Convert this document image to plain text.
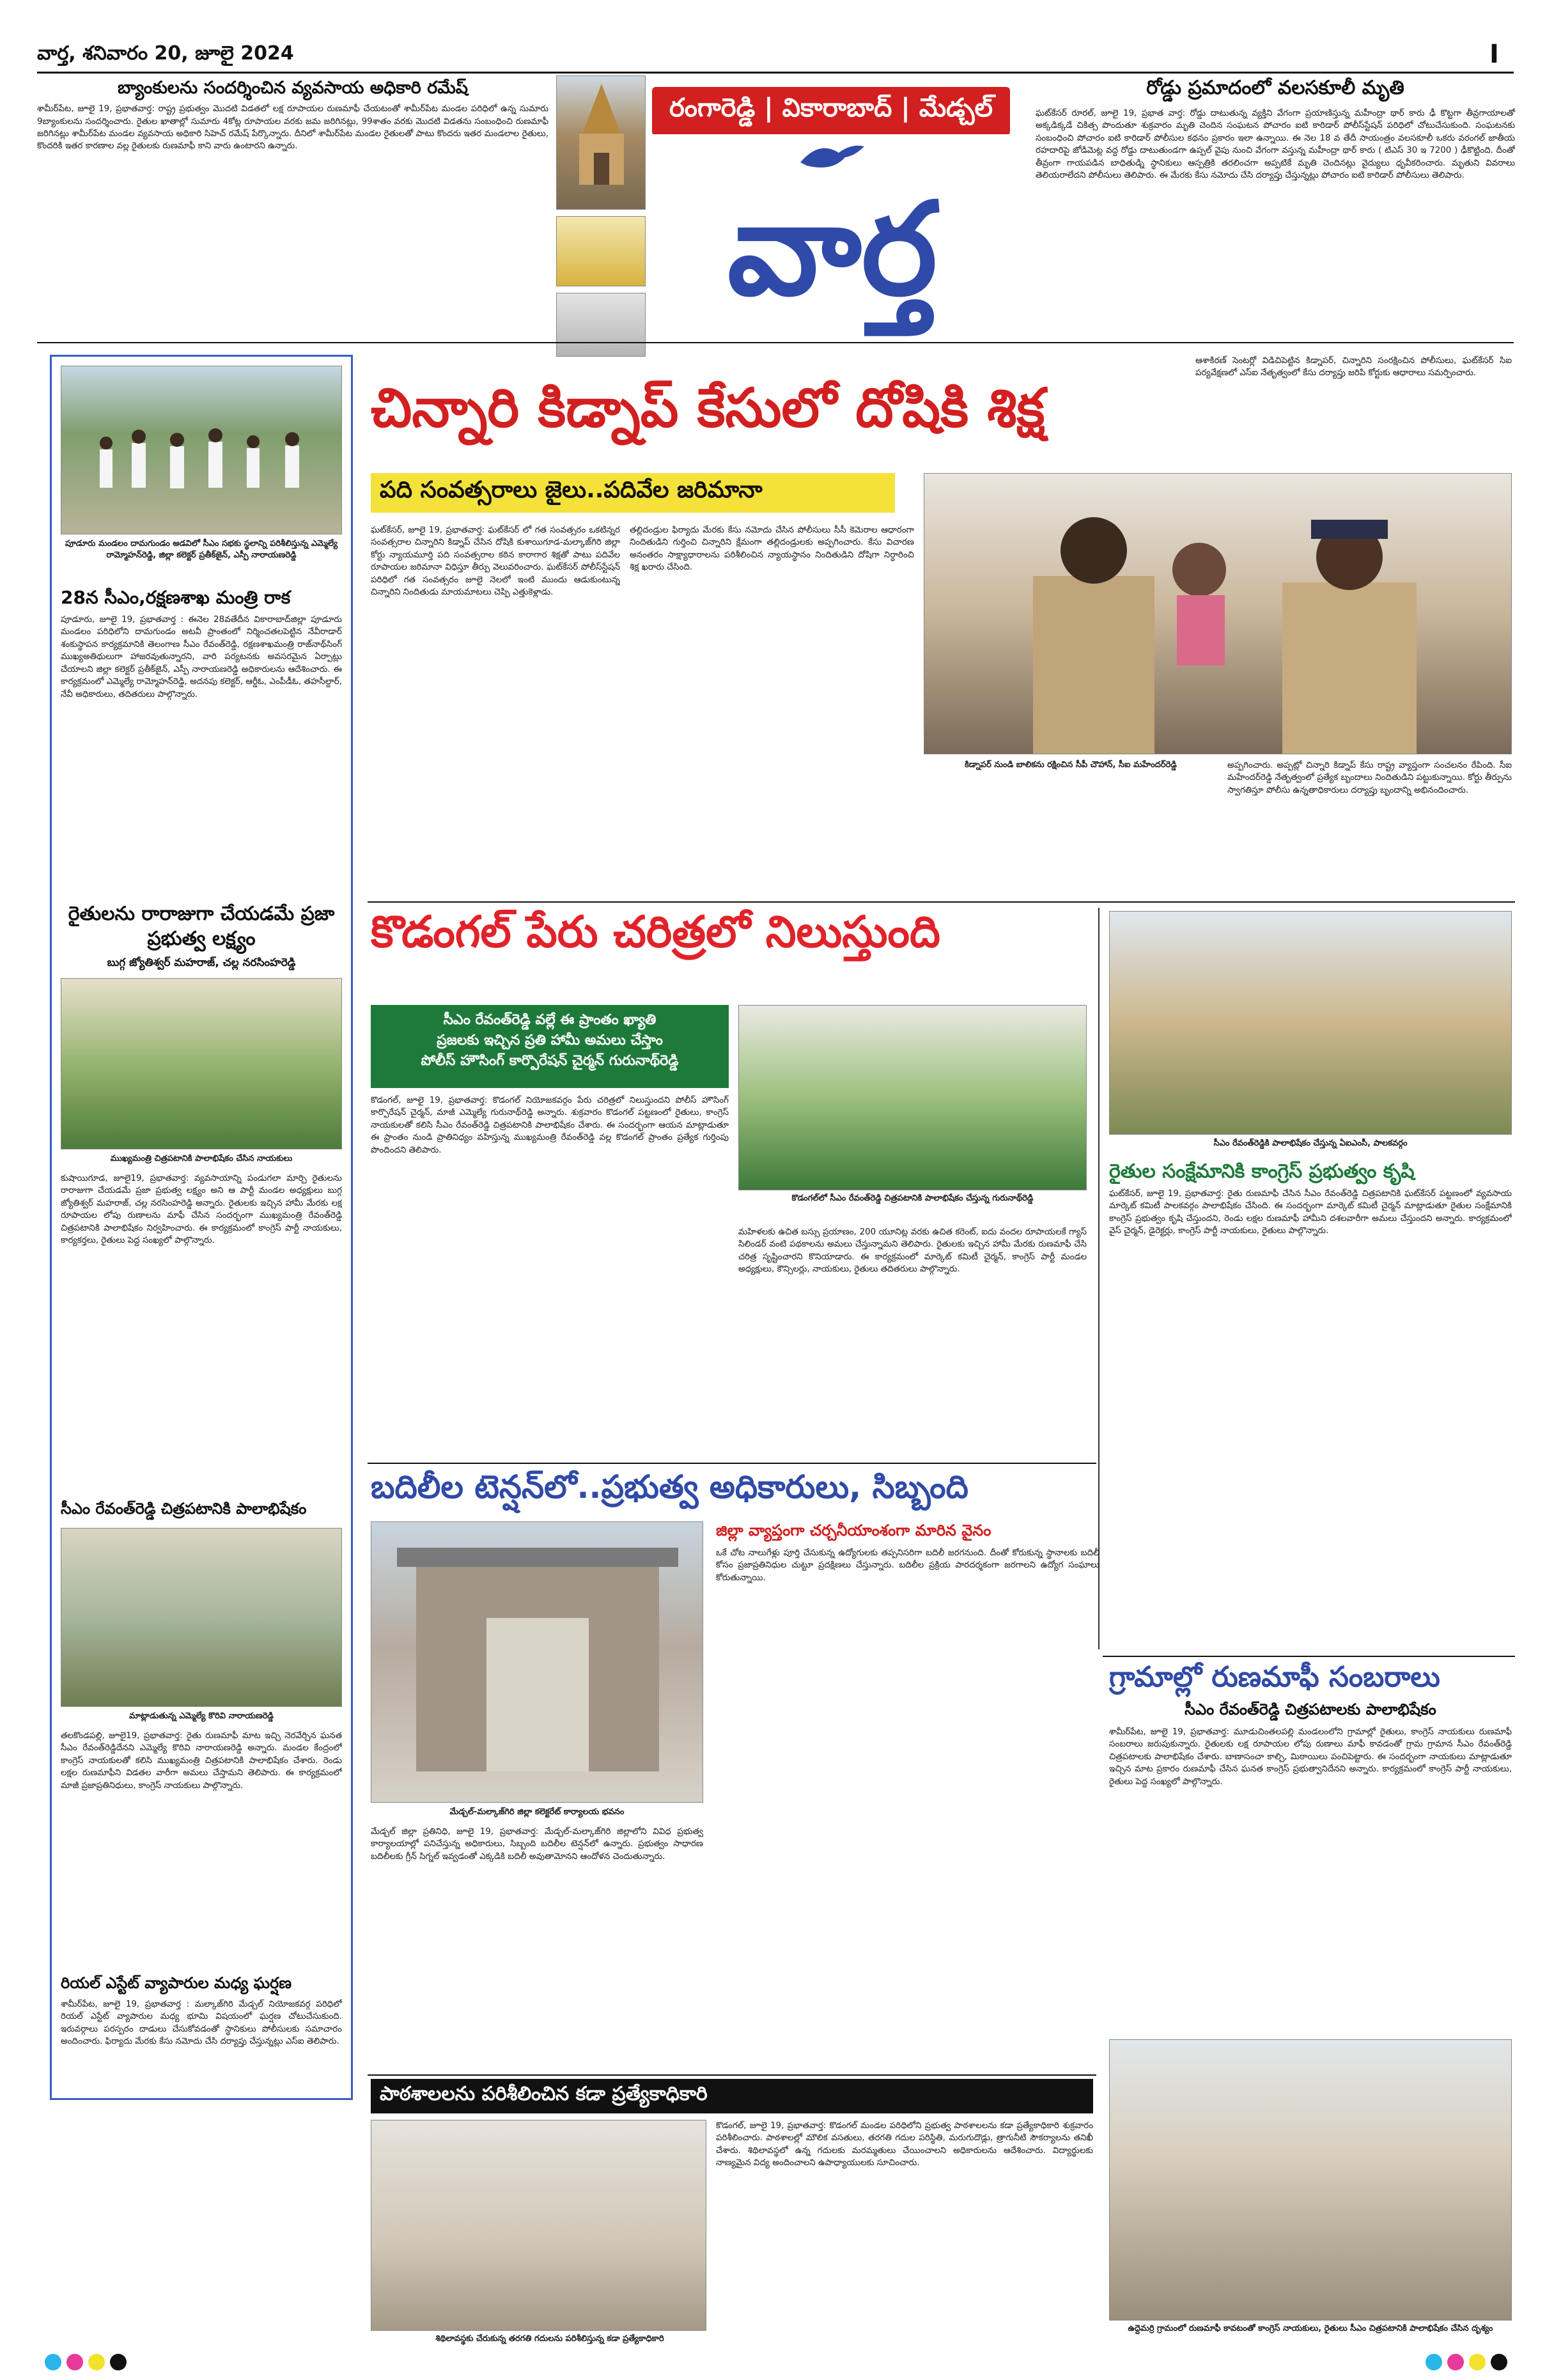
వార్త, శనివారం 20, జూలై 2024	I
బ్యాంకులను సందర్శించిన వ్యవసాయ అధికారి రమేష్
శామీర్‌పేట, జూలై 19, ప్రభాతవార్త: రాష్ట్ర ప్రభుత్వం మొదటి విడతలో లక్ష రూపాయల రుణమాఫీ చేయటంతో శామీర్‌పేట మండల పరిధిలో ఉన్న సుమారు 9బ్యాంకులను సందర్శించారు. రైతుల ఖాతాల్లో సుమారు 4కోట్ల రూపాయల వరకు జమ జరిగినట్లు, 99శాతం వరకు మొదటి విడతను సంబంధించి రుణమాఫీ జరిగినట్లు శామీర్‌పేట మండల వ్యవసాయ అధికారి సిహెచ్ రమేష్ పేర్కొన్నారు. దీనిలో శామీర్‌పేట మండల రైతులతో పాటు కొందరు ఇతర మండలాల రైతులు, కొందరికి ఇతర కారణాల వల్ల రైతులకు రుణమాఫీ కాని వారు ఉంటారని ఉన్నారు.
రంగారెడ్డి | వికారాబాద్ | మేడ్చల్
వార్త
రోడ్డు ప్రమాదంలో వలసకూలీ మృతి
ఘట్‌కేసర్ రూరల్, జూలై 19, ప్రభాత వార్త: రోడ్డు దాటుతున్న వ్యక్తిని వేగంగా ప్రయాణిస్తున్న మహీంద్రా థార్ కారు ఢీ కొట్టగా తీవ్రగాయాలతో అక్కడిక్కడే చికిత్స పొందుతూ శుక్రవారం మృతి చెందిన సంఘటన పోచారం ఐటి కారిడార్ పోలీస్‌స్టేషన్ పరిధిలో చోటుచేసుకుంది. సంఘటనకు సంబంధించి పోచారం ఐటి కారిడార్ పోలీసుల కథనం ప్రకారం ఇలా ఉన్నాయి. ఈ నెల 18 వ తేదీ సాయంత్రం వలసకూలీ ఒకరు వరంగల్ జాతీయ రహదారిపై జోడిమెట్ల వద్ద రోడ్డు దాటుతుండగా ఉప్పల్ వైపు నుంచి వేగంగా వస్తున్న మహీంద్రా థార్ కారు ( టిఎస్ 30 ఇ 7200 ) ఢీకొట్టింది. దీంతో తీవ్రంగా గాయపడిన బాధితుడ్ని స్థానికులు ఆస్పత్రికి తరలించగా అప్పటికే మృతి చెందినట్లు వైద్యులు ధృవీకరించారు. మృతుని వివరాలు తెలియరాలేదని పోలీసులు తెలిపారు. ఈ మేరకు కేసు నమోదు చేసి దర్యాప్తు చేస్తున్నట్లు పోచారం ఐటి కారిడార్ పోలీసులు తెలిపారు.
పూడూరు మండలం దామగుండం అడవిలో సీఎం సభకు స్థలాన్ని పరిశీలిస్తున్న ఎమ్మెల్యే రామ్మోహన్‌రెడ్డి, జిల్లా కలెక్టర్ ప్రతీక్‌జైన్, ఎస్పీ నారాయణరెడ్డి
28న సీఎం,రక్షణశాఖ మంత్రి రాక
పూడూరు, జూలై 19, ప్రభాతవార్త : ఈనెల 28వతేదీన వికారాబాద్‌జిల్లా పూడూరు మండలం పరిధిలోని దామగుండం అటవీ ప్రాంతంలో నిర్మించతలపెట్టిన నేవీరాడార్ శంకుస్థాపన కార్యక్రమానికి తెలంగాణ సీఎం రేవంత్‌రెడ్డి, రక్షణశాఖమంత్రి రాజ్‌నాథ్‌సింగ్ ముఖ్యఅతిథులుగా హాజరవుతున్నారని, వారి పర్యటనకు అవసరమైన ఏర్పాట్లు చేయాలని జిల్లా కలెక్టర్ ప్రతీక్‌జైన్, ఎస్పీ నారాయణరెడ్డి అధికారులను ఆదేశించారు. ఈ కార్యక్రమంలో ఎమ్మెల్యే రామ్మోహన్‌రెడ్డి, అదనపు కలెక్టర్, ఆర్డీఓ, ఎంపీడీఓ, తహసీల్దార్, నేవీ అధికారులు, తదితరులు పాల్గొన్నారు.
రైతులను రారాజుగా చేయడమే ప్రజా ప్రభుత్వ లక్ష్యం
బుగ్గ జ్యోతిశ్వర్ మహరాజ్, చల్ల నరసింహరెడ్డి
ముఖ్యమంత్రి చిత్రపటానికి పాలాభిషేకం చేసిన నాయకులు
కుషాయిగూడ, జూలై19, ప్రభాతవార్త: వ్యవసాయాన్ని పండుగలా మార్చి రైతులను రారాజుగా చేయడమే ప్రజా ప్రభుత్వ లక్ష్యం అని ఆ పార్టీ మండల అధ్యక్షులు బుగ్గ జ్యోతిశ్వర్ మహరాజ్, చల్ల నరసింహరెడ్డి అన్నారు. రైతులకు ఇచ్చిన హామీ మేరకు లక్ష రూపాయల లోపు రుణాలను మాఫీ చేసిన సందర్భంగా ముఖ్యమంత్రి రేవంత్‌రెడ్డి చిత్రపటానికి పాలాభిషేకం నిర్వహించారు. ఈ కార్యక్రమంలో కాంగ్రెస్ పార్టీ నాయకులు, కార్యకర్తలు, రైతులు పెద్ద సంఖ్యలో పాల్గొన్నారు.
సీఎం రేవంత్‌రెడ్డి చిత్రపటానికి పాలాభిషేకం
మాట్లాడుతున్న ఎమ్మెల్యే కొరివి నారాయణరెడ్డి
తలకొండపల్లి, జూలై19, ప్రభాతవార్త: రైతు రుణమాఫీ మాట ఇచ్చి నెరవేర్చిన ఘనత సీఎం రేవంత్‌రెడ్డిదేనని ఎమ్మెల్యే కొరివి నారాయణరెడ్డి అన్నారు. మండల కేంద్రంలో కాంగ్రెస్ నాయకులతో కలిసి ముఖ్యమంత్రి చిత్రపటానికి పాలాభిషేకం చేశారు. రెండు లక్షల రుణమాఫీని విడతల వారీగా అమలు చేస్తామని తెలిపారు. ఈ కార్యక్రమంలో మాజీ ప్రజాప్రతినిధులు, కాంగ్రెస్ నాయకులు పాల్గొన్నారు.
రియల్ ఎస్టేట్ వ్యాపారుల మధ్య ఘర్షణ
శామీర్‌పేట, జూలై 19, ప్రభాతవార్త : మల్కాజ్‌గిరి మేడ్చల్ నియోజకవర్గ పరిధిలో రియల్ ఎస్టేట్ వ్యాపారుల మధ్య భూమి విషయంలో ఘర్షణ చోటుచేసుకుంది. ఇరువర్గాలు పరస్పరం దాడులు చేసుకోవడంతో స్థానికులు పోలీసులకు సమాచారం అందించారు. ఫిర్యాదు మేరకు కేసు నమోదు చేసి దర్యాప్తు చేస్తున్నట్లు ఎస్ఐ తెలిపారు.
చిన్నారి కిడ్నాప్ కేసులో దోషికి శిక్ష
ఆశాకిరణ్ సెంటర్లో విడిచిపెట్టిన కిడ్నాపర్, చిన్నారిని సంరక్షించిన పోలీసులు, ఘట్‌కేసర్ సిఐ పర్యవేక్షణలో ఎస్ఐ నేతృత్వంలో కేసు దర్యాప్తు జరిపి కోర్టుకు ఆధారాలు సమర్పించారు.
పది సంవత్సరాలు జైలు..పదివేల జరిమానా
ఘట్‌కేసర్, జూలై 19, ప్రభాతవార్త: ఘట్‌కేసర్ లో గత సంవత్సరం ఒకటిన్నర సంవత్సరాల చిన్నారిని కిడ్నాప్ చేసిన దోషికి కుశాయిగూడ-మల్కాజ్‌గిరి జిల్లా కోర్టు న్యాయమూర్తి పది సంవత్సరాల కఠిన కారాగార శిక్షతో పాటు పదివేల రూపాయల జరిమానా విధిస్తూ తీర్పు వెలువరించారు. ఘట్‌కేసర్ పోలీస్‌స్టేషన్ పరిధిలో గత సంవత్సరం జూలై నెలలో ఇంటి ముందు ఆడుకుంటున్న చిన్నారిని నిందితుడు మాయమాటలు చెప్పి ఎత్తుకెళ్లాడు.
తల్లిదండ్రుల ఫిర్యాదు మేరకు కేసు నమోదు చేసిన పోలీసులు సీసీ కెమెరాల ఆధారంగా నిందితుడిని గుర్తించి చిన్నారిని క్షేమంగా తల్లిదండ్రులకు అప్పగించారు. కేసు విచారణ అనంతరం సాక్ష్యాధారాలను పరిశీలించిన న్యాయస్థానం నిందితుడిని దోషిగా నిర్ధారించి శిక్ష ఖరారు చేసింది.
కిడ్నాపర్ నుండి బాలికను రక్షించిన సీపీ చౌహాన్, సీఐ మహేందర్‌రెడ్డి	అప్పగించారు. అప్పట్లో చిన్నారి కిడ్నాప్ కేసు రాష్ట్ర వ్యాప్తంగా సంచలనం రేపింది. సీఐ మహేందర్‌రెడ్డి నేతృత్వంలో ప్రత్యేక బృందాలు నిందితుడిని పట్టుకున్నాయి. కోర్టు తీర్పును స్వాగతిస్తూ పోలీసు ఉన్నతాధికారులు దర్యాప్తు బృందాన్ని అభినందించారు.
కొడంగల్ పేరు చరిత్రలో నిలుస్తుంది
సీఎం రేవంత్‌రెడ్డి వల్లే ఈ ప్రాంతం ఖ్యాతి
ప్రజలకు ఇచ్చిన ప్రతి హామీ అమలు చేస్తాం
పోలీస్ హౌసింగ్ కార్పొరేషన్ చైర్మన్ గురునాథ్‌రెడ్డి
కొడంగల్, జూలై 19, ప్రభాతవార్త: కొడంగల్ నియోజకవర్గం పేరు చరిత్రలో నిలుస్తుందని పోలీస్ హౌసింగ్ కార్పొరేషన్ చైర్మన్, మాజీ ఎమ్మెల్యే గురునాథ్‌రెడ్డి అన్నారు. శుక్రవారం కొడంగల్ పట్టణంలో రైతులు, కాంగ్రెస్ నాయకులతో కలిసి సీఎం రేవంత్‌రెడ్డి చిత్రపటానికి పాలాభిషేకం చేశారు. ఈ సందర్భంగా ఆయన మాట్లాడుతూ ఈ ప్రాంతం నుండి ప్రాతినిధ్యం వహిస్తున్న ముఖ్యమంత్రి రేవంత్‌రెడ్డి వల్ల కొడంగల్ ప్రాంతం ప్రత్యేక గుర్తింపు పొందిందని తెలిపారు.
కొడంగల్‌లో సీఎం రేవంత్‌రెడ్డి చిత్రపటానికి పాలాభిషేకం చేస్తున్న గురునాథ్‌రెడ్డి
మహిళలకు ఉచిత బస్సు ప్రయాణం, 200 యూనిట్ల వరకు ఉచిత కరెంట్, ఐదు వందల రూపాయలకే గ్యాస్ సిలిండర్ వంటి పథకాలను అమలు చేస్తున్నామని తెలిపారు. రైతులకు ఇచ్చిన హామీ మేరకు రుణమాఫీ చేసి చరిత్ర సృష్టించారని కొనియాడారు. ఈ కార్యక్రమంలో మార్కెట్ కమిటీ చైర్మన్, కాంగ్రెస్ పార్టీ మండల అధ్యక్షులు, కౌన్సిలర్లు, నాయకులు, రైతులు తదితరులు పాల్గొన్నారు.
సీఎం రేవంత్‌రెడ్డికి పాలాభిషేకం చేస్తున్న ఏఐఎంసీ, పాలకవర్గం
రైతుల సంక్షేమానికి కాంగ్రెస్ ప్రభుత్వం కృషి
ఘట్‌కేసర్, జూలై 19, ప్రభాతవార్త: రైతు రుణమాఫీ చేసిన సీఎం రేవంత్‌రెడ్డి చిత్రపటానికి ఘట్‌కేసర్ పట్టణంలో వ్యవసాయ మార్కెట్ కమిటీ పాలకవర్గం పాలాభిషేకం చేసింది. ఈ సందర్భంగా మార్కెట్ కమిటీ చైర్మన్ మాట్లాడుతూ రైతుల సంక్షేమానికి కాంగ్రెస్ ప్రభుత్వం కృషి చేస్తుందని, రెండు లక్షల రుణమాఫీ హామీని దశలవారీగా అమలు చేస్తుందని అన్నారు. కార్యక్రమంలో వైస్ చైర్మన్, డైరెక్టర్లు, కాంగ్రెస్ పార్టీ నాయకులు, రైతులు పాల్గొన్నారు.
బదిలీల టెన్షన్‌లో..ప్రభుత్వ అధికారులు, సిబ్బంది
మేడ్చల్-మల్కాజ్‌గిరి జిల్లా కలెక్టరేట్ కార్యాలయ భవనం
మేడ్చల్ జిల్లా ప్రతినిధి, జూలై 19, ప్రభాతవార్త: మేడ్చల్-మల్కాజ్‌గిరి జిల్లాలోని వివిధ ప్రభుత్వ కార్యాలయాల్లో పనిచేస్తున్న అధికారులు, సిబ్బంది బదిలీల టెన్షన్‌లో ఉన్నారు. ప్రభుత్వం సాధారణ బదిలీలకు గ్రీన్ సిగ్నల్ ఇవ్వడంతో ఎక్కడికి బదిలీ అవుతామోనని ఆందోళన చెందుతున్నారు.
జిల్లా వ్యాప్తంగా చర్చనీయాంశంగా మారిన వైనం
ఒకే చోట నాలుగేళ్లు పూర్తి చేసుకున్న ఉద్యోగులకు తప్పనిసరిగా బదిలీ జరగనుంది. దీంతో కోరుకున్న స్థానాలకు బదిలీ కోసం ప్రజాప్రతినిధుల చుట్టూ ప్రదక్షిణలు చేస్తున్నారు. బదిలీల ప్రక్రియ పారదర్శకంగా జరగాలని ఉద్యోగ సంఘాలు కోరుతున్నాయి.
గ్రామాల్లో రుణమాఫీ సంబరాలు
సీఎం రేవంత్‌రెడ్డి చిత్రపటాలకు పాలాభిషేకం
శామీర్‌పేట, జూలై 19, ప్రభాతవార్త: మూడుచింతలపల్లి మండలంలోని గ్రామాల్లో రైతులు, కాంగ్రెస్ నాయకులు రుణమాఫీ సంబరాలు జరుపుకున్నారు. రైతులకు లక్ష రూపాయల లోపు రుణాలు మాఫీ కావడంతో గ్రామ గ్రామాన సీఎం రేవంత్‌రెడ్డి చిత్రపటాలకు పాలాభిషేకం చేశారు. బాణాసంచా కాల్చి, మిఠాయిలు పంచిపెట్టారు. ఈ సందర్భంగా నాయకులు మాట్లాడుతూ ఇచ్చిన మాట ప్రకారం రుణమాఫీ చేసిన ఘనత కాంగ్రెస్ ప్రభుత్వానిదేనని అన్నారు. కార్యక్రమంలో కాంగ్రెస్ పార్టీ నాయకులు, రైతులు పెద్ద సంఖ్యలో పాల్గొన్నారు.
పాఠశాలలను పరిశీలించిన కడా ప్రత్యేకాధికారి
శిథిలావస్థకు చేరుకున్న తరగతి గదులను పరిశీలిస్తున్న కడా ప్రత్యేకాధికారి
కొడంగల్, జూలై 19, ప్రభాతవార్త: కొడంగల్ మండల పరిధిలోని ప్రభుత్వ పాఠశాలలను కడా ప్రత్యేకాధికారి శుక్రవారం పరిశీలించారు. పాఠశాలల్లో మౌలిక వసతులు, తరగతి గదుల పరిస్థితి, మరుగుదొడ్లు, త్రాగునీటి సౌకర్యాలను తనిఖీ చేశారు. శిథిలావస్థలో ఉన్న గదులకు మరమ్మతులు చేయించాలని అధికారులను ఆదేశించారు. విద్యార్థులకు నాణ్యమైన విద్య అందించాలని ఉపాధ్యాయులకు సూచించారు.
ఉద్దెమర్రి గ్రామంలో రుణమాఫీ కావటంతో కాంగ్రెస్ నాయకులు, రైతులు సీఎం చిత్రపటానికి పాలాభిషేకం చేసిన దృశ్యం
